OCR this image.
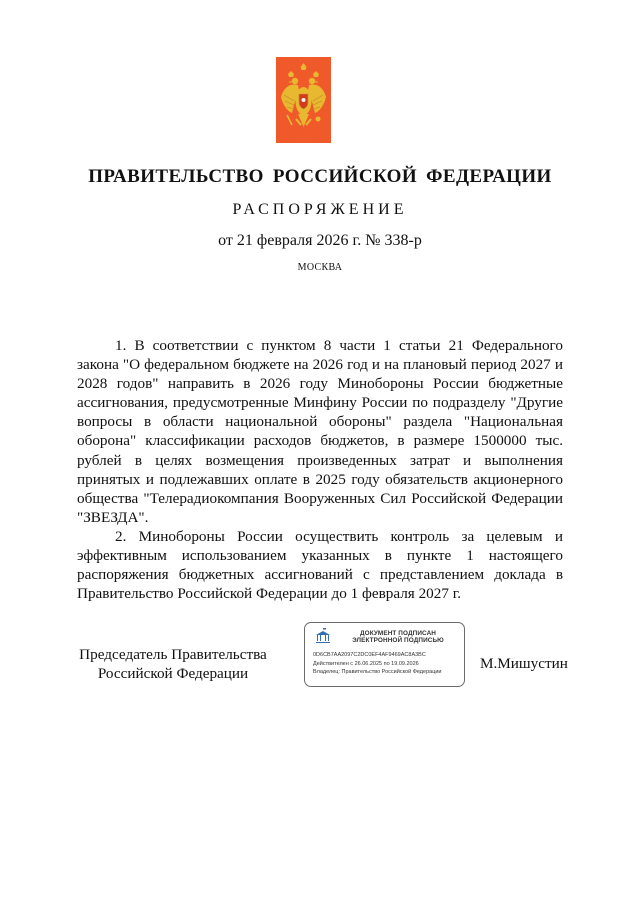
ПРАВИТЕЛЬСТВО РОССИЙСКОЙ ФЕДЕРАЦИИ
РАСПОРЯЖЕНИЕ
от 21 февраля 2026 г. № 338-р
МОСКВА

1. В соответствии с пунктом 8 части 1 статьи 21 Федерального закона "О федеральном бюджете на 2026 год и на плановый период 2027 и 2028 годов" направить в 2026 году Минобороны России бюджетные ассигнования, предусмотренные Минфину России по подразделу "Другие вопросы в области национальной обороны" раздела "Национальная оборона" классификации расходов бюджетов, в размере 1500000 тыс. рублей в целях возмещения произведенных затрат и выполнения принятых и подлежавших оплате в 2025 году обязательств акционерного общества "Телерадиокомпания Вооруженных Сил Российской Федерации "ЗВЕЗДА".

2. Минобороны России осуществить контроль за целевым и эффективным использованием указанных в пункте 1 настоящего распоряжения бюджетных ассигнований с представлением доклада в Правительство Российской Федерации до 1 февраля 2027 г.

Председатель Правительства
Российской Федерации
ДОКУМЕНТ ПОДПИСАН
ЭЛЕКТРОННОЙ ПОДПИСЬЮ
0D6CB7AA2097C2DC0EF4AF9469AC8A3BC
Действителен с 26.06.2025 по 19.09.2026
Владелец: Правительство Российской Федерации	М.Мишустин
